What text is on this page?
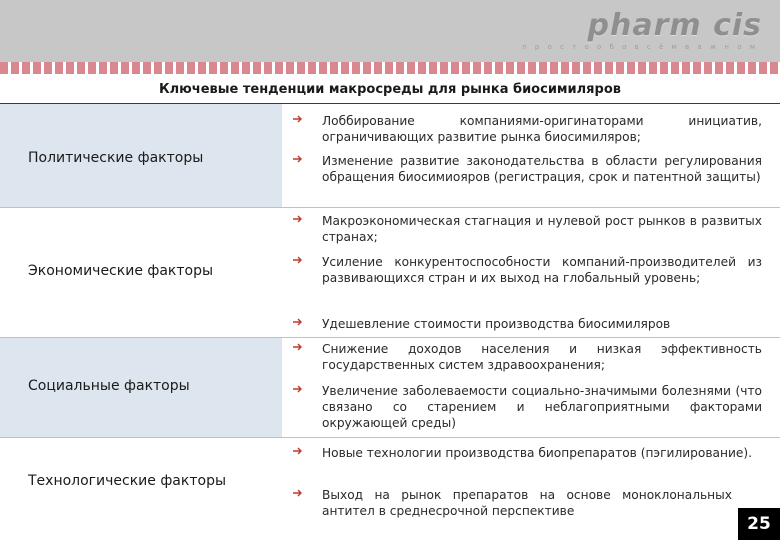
pharm cis
п р о с т о о б о в с ё м в а ж н о м
Ключевые тенденции макросреды для рынка биосимиляров
Политические факторы
Экономические факторы
Социальные факторы
Технологические факторы
Лоббирование компаниями-оригинаторами инициатив, ограничивающих развитие рынка биосимиляров;
Изменение развитие законодательства в области регулирования обращения биосимиояров (регистрация, срок и патентной защиты)
Макроэкономическая стагнация и нулевой рост рынков в развитых странах;
Усиление конкурентоспособности компаний-производителей из развивающихся стран и их выход на глобальный уровень;
Удешевление стоимости производства биосимиляров
Снижение доходов населения и низкая эффективность государственных систем здравоохранения;
Увеличение заболеваемости социально-значимыми болезнями (что связано со старением и неблагоприятными факторами окружающей среды)
Новые технологии производства биопрепаратов (пэгилирование).
Выход на рынок препаратов на основе моноклональных антител в среднесрочной перспективе
25
